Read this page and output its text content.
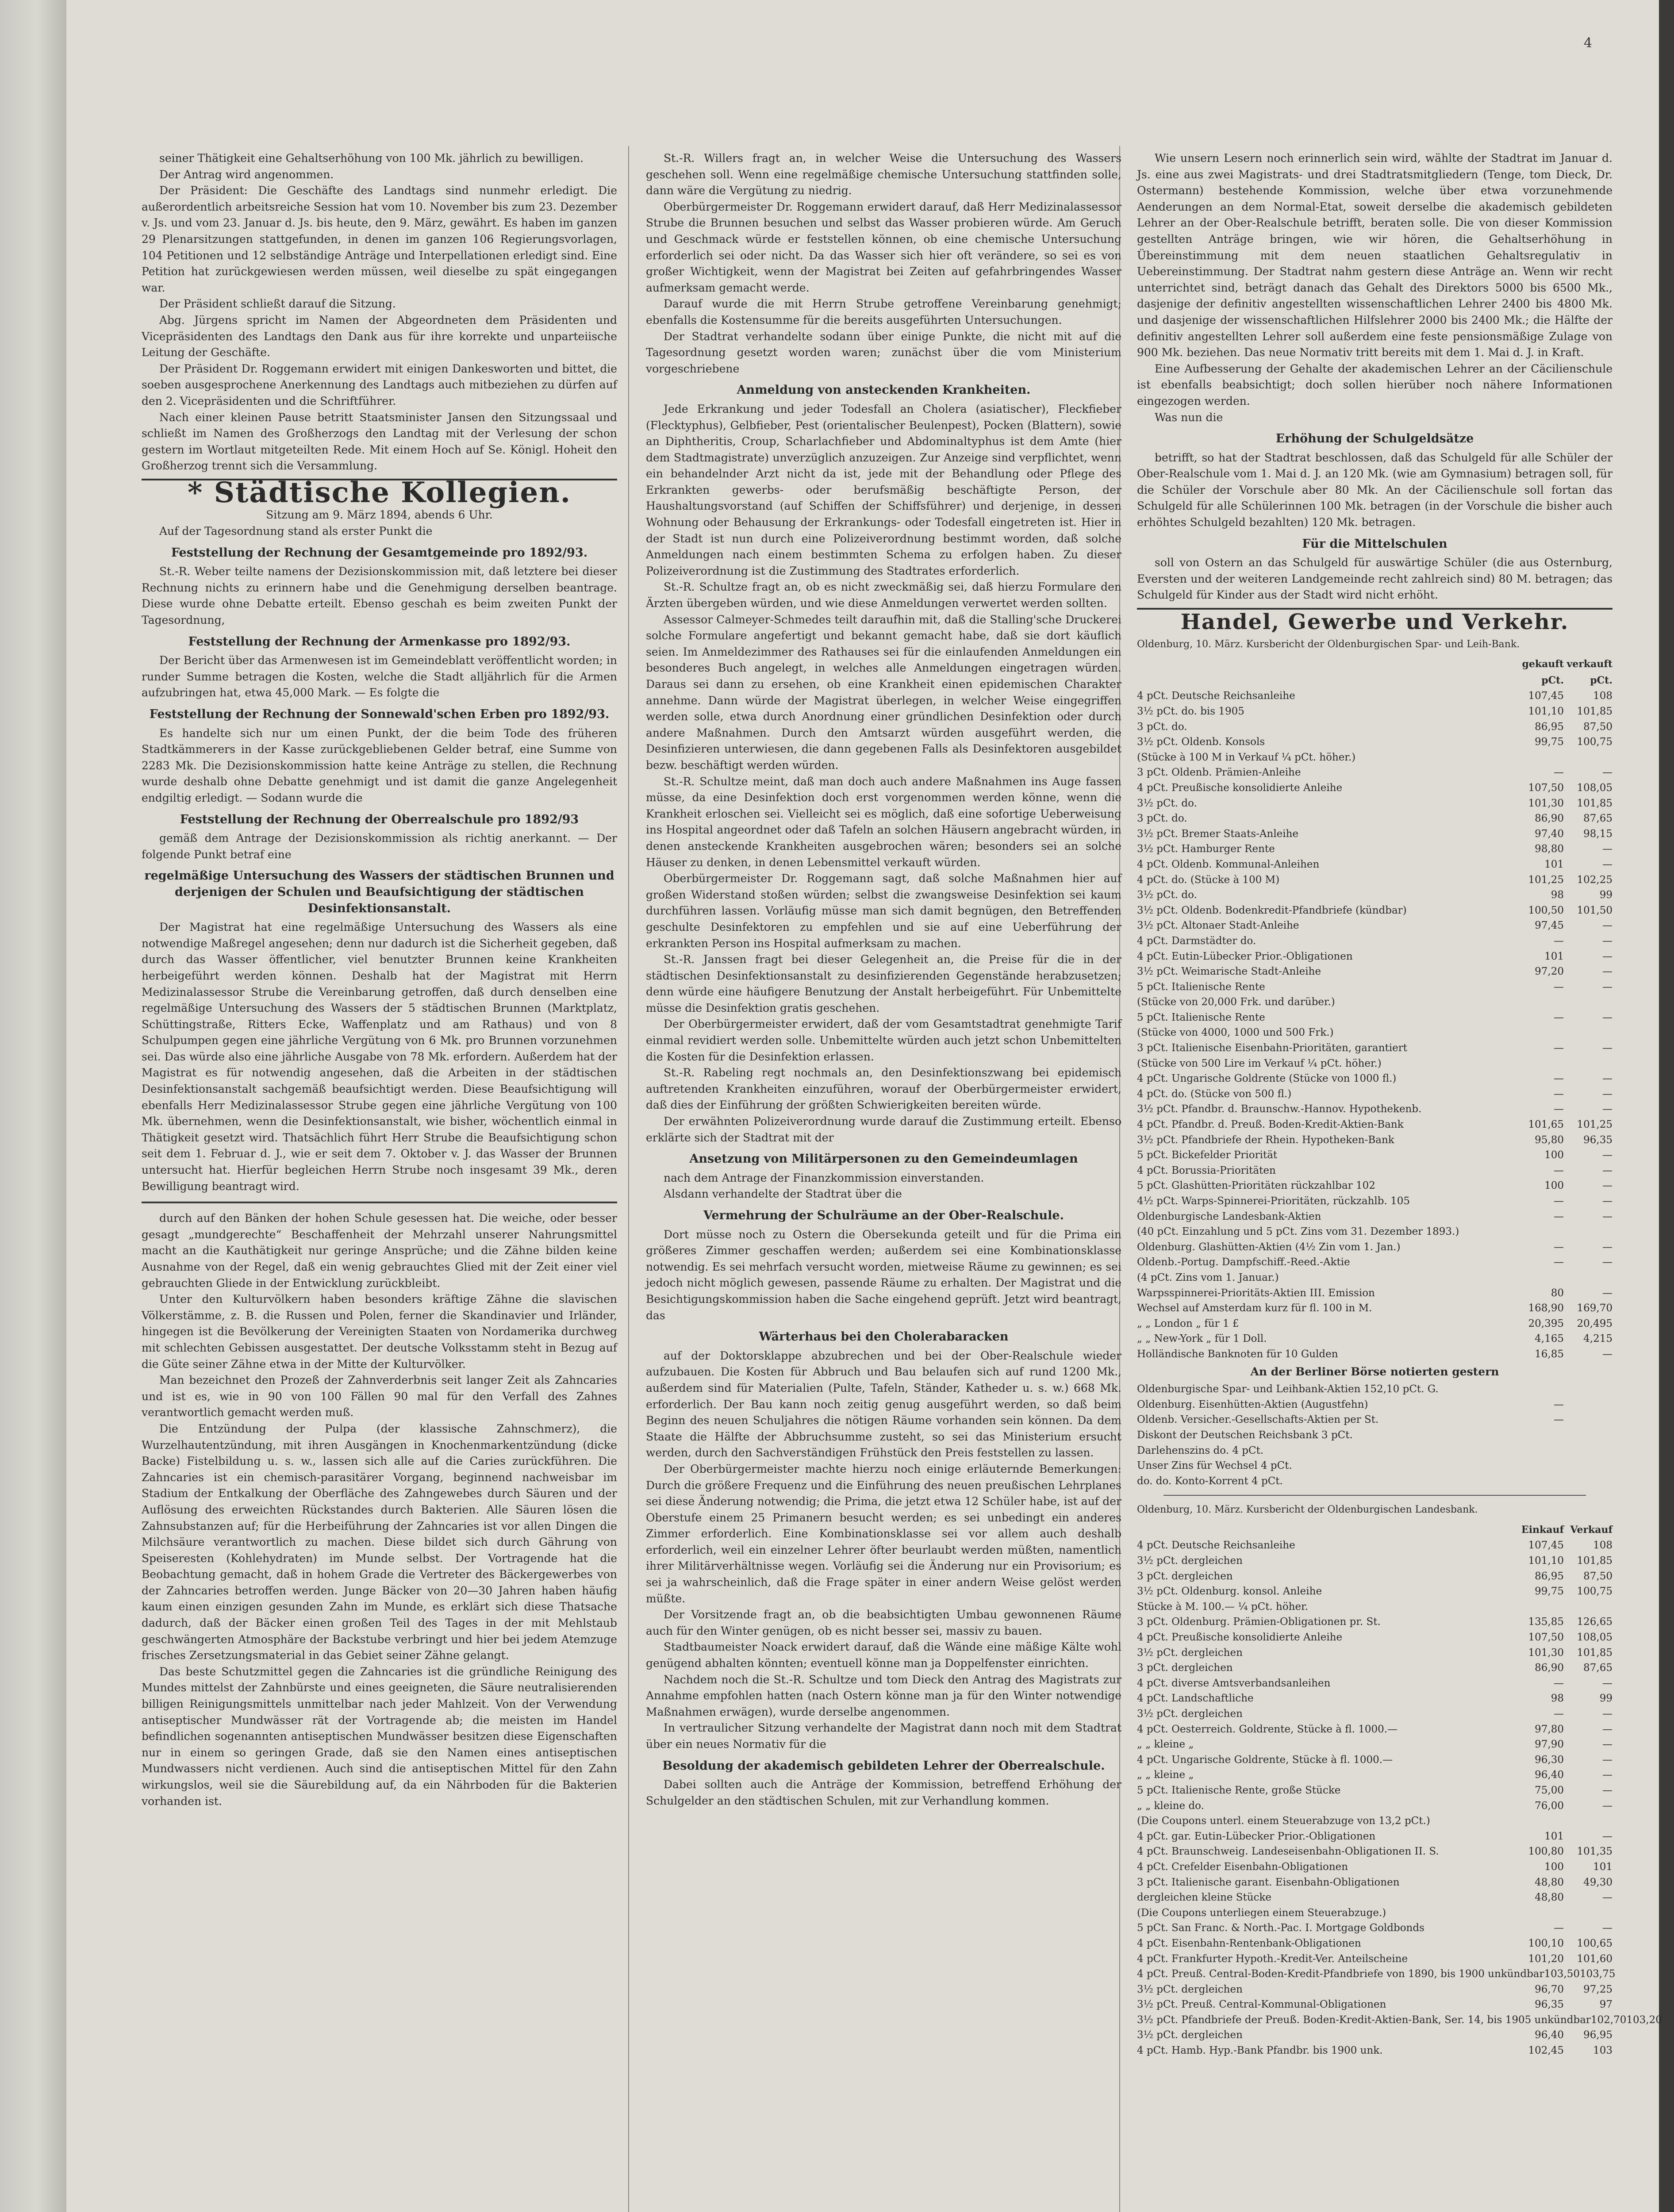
4

seiner Thätigkeit eine Gehaltserhöhung von 100 Mk. jährlich zu bewilligen.

Der Antrag wird angenommen.

Der Präsident: Die Geschäfte des Landtags sind nunmehr erledigt. Die außerordentlich arbeitsreiche Session hat vom 10. November bis zum 23. Dezember v. Js. und vom 23. Januar d. Js. bis heute, den 9. März, gewährt. Es haben im ganzen 29 Plenarsitzungen stattgefunden, in denen im ganzen 106 Regierungsvorlagen, 104 Petitionen und 12 selbständige Anträge und Interpellationen erledigt sind. Eine Petition hat zurückgewiesen werden müssen, weil dieselbe zu spät eingegangen war.

Der Präsident schließt darauf die Sitzung.

Abg. Jürgens spricht im Namen der Abgeordneten dem Präsidenten und Vicepräsidenten des Landtags den Dank aus für ihre korrekte und unparteiische Leitung der Geschäfte.

Der Präsident Dr. Roggemann erwidert mit einigen Dankesworten und bittet, die soeben ausgesprochene Anerkennung des Landtags auch mitbeziehen zu dürfen auf den 2. Vicepräsidenten und die Schriftführer.

Nach einer kleinen Pause betritt Staatsminister Jansen den Sitzungssaal und schließt im Namen des Großherzogs den Landtag mit der Verlesung der schon gestern im Wortlaut mitgeteilten Rede. Mit einem Hoch auf Se. Königl. Hoheit den Großherzog trennt sich die Versammlung.

* Städtische Kollegien.

Sitzung am 9. März 1894, abends 6 Uhr.

Auf der Tagesordnung stand als erster Punkt die

Feststellung der Rechnung der Gesamtgemeinde pro 1892/93.

St.-R. Weber teilte namens der Dezisionskommission mit, daß letztere bei dieser Rechnung nichts zu erinnern habe und die Genehmigung derselben beantrage. Diese wurde ohne Debatte erteilt. Ebenso geschah es beim zweiten Punkt der Tagesordnung,

Feststellung der Rechnung der Armenkasse pro 1892/93.

Der Bericht über das Armenwesen ist im Gemeindeblatt veröffentlicht worden; in runder Summe betragen die Kosten, welche die Stadt alljährlich für die Armen aufzubringen hat, etwa 45,000 Mark. — Es folgte die

Feststellung der Rechnung der Sonnewald'schen Erben pro 1892/93.

Es handelte sich nur um einen Punkt, der die beim Tode des früheren Stadtkämmerers in der Kasse zurückgebliebenen Gelder betraf, eine Summe von 2283 Mk. Die Dezisionskommission hatte keine Anträge zu stellen, die Rechnung wurde deshalb ohne Debatte genehmigt und ist damit die ganze Angelegenheit endgiltig erledigt. — Sodann wurde die

Feststellung der Rechnung der Oberrealschule pro 1892/93

gemäß dem Antrage der Dezisionskommission als richtig anerkannt. — Der folgende Punkt betraf eine

regelmäßige Untersuchung des Wassers der städtischen Brunnen und derjenigen der Schulen und Beaufsichtigung der städtischen Desinfektionsanstalt.

Der Magistrat hat eine regelmäßige Untersuchung des Wassers als eine notwendige Maßregel angesehen; denn nur dadurch ist die Sicherheit gegeben, daß durch das Wasser öffentlicher, viel benutzter Brunnen keine Krankheiten herbeigeführt werden können. Deshalb hat der Magistrat mit Herrn Medizinalassessor Strube die Vereinbarung getroffen, daß durch denselben eine regelmäßige Untersuchung des Wassers der 5 städtischen Brunnen (Marktplatz, Schüttingstraße, Ritters Ecke, Waffenplatz und am Rathaus) und von 8 Schulpumpen gegen eine jährliche Vergütung von 6 Mk. pro Brunnen vorzunehmen sei. Das würde also eine jährliche Ausgabe von 78 Mk. erfordern. Außerdem hat der Magistrat es für notwendig angesehen, daß die Arbeiten in der städtischen Desinfektionsanstalt sachgemäß beaufsichtigt werden. Diese Beaufsichtigung will ebenfalls Herr Medizinalassessor Strube gegen eine jährliche Vergütung von 100 Mk. übernehmen, wenn die Desinfektionsanstalt, wie bisher, wöchentlich einmal in Thätigkeit gesetzt wird. Thatsächlich führt Herr Strube die Beaufsichtigung schon seit dem 1. Februar d. J., wie er seit dem 7. Oktober v. J. das Wasser der Brunnen untersucht hat. Hierfür begleichen Herrn Strube noch insgesamt 39 Mk., deren Bewilligung beantragt wird.

durch auf den Bänken der hohen Schule gesessen hat. Die weiche, oder besser gesagt „mundgerechte“ Beschaffenheit der Mehrzahl unserer Nahrungsmittel macht an die Kauthätigkeit nur geringe Ansprüche; und die Zähne bilden keine Ausnahme von der Regel, daß ein wenig gebrauchtes Glied mit der Zeit einer viel gebrauchten Gliede in der Entwicklung zurückbleibt.

Unter den Kulturvölkern haben besonders kräftige Zähne die slavischen Völkerstämme, z. B. die Russen und Polen, ferner die Skandinavier und Irländer, hingegen ist die Bevölkerung der Vereinigten Staaten von Nordamerika durchweg mit schlechten Gebissen ausgestattet. Der deutsche Volksstamm steht in Bezug auf die Güte seiner Zähne etwa in der Mitte der Kulturvölker.

Man bezeichnet den Prozeß der Zahnverderbnis seit langer Zeit als Zahncaries und ist es, wie in 90 von 100 Fällen 90 mal für den Verfall des Zahnes verantwortlich gemacht werden muß.

Die Entzündung der Pulpa (der klassische Zahnschmerz), die Wurzelhautentzündung, mit ihren Ausgängen in Knochenmarkentzündung (dicke Backe) Fistelbildung u. s. w., lassen sich alle auf die Caries zurückführen. Die Zahncaries ist ein chemisch-parasitärer Vorgang, beginnend nachweisbar im Stadium der Entkalkung der Oberfläche des Zahngewebes durch Säuren und der Auflösung des erweichten Rückstandes durch Bakterien. Alle Säuren lösen die Zahnsubstanzen auf; für die Herbeiführung der Zahncaries ist vor allen Dingen die Milchsäure verantwortlich zu machen. Diese bildet sich durch Gährung von Speiseresten (Kohlehydraten) im Munde selbst. Der Vortragende hat die Beobachtung gemacht, daß in hohem Grade die Vertreter des Bäckergewerbes von der Zahncaries betroffen werden. Junge Bäcker von 20—30 Jahren haben häufig kaum einen einzigen gesunden Zahn im Munde, es erklärt sich diese Thatsache dadurch, daß der Bäcker einen großen Teil des Tages in der mit Mehlstaub geschwängerten Atmosphäre der Backstube verbringt und hier bei jedem Atemzuge frisches Zersetzungsmaterial in das Gebiet seiner Zähne gelangt.

Das beste Schutzmittel gegen die Zahncaries ist die gründliche Reinigung des Mundes mittelst der Zahnbürste und eines geeigneten, die Säure neutralisierenden billigen Reinigungsmittels unmittelbar nach jeder Mahlzeit. Von der Verwendung antiseptischer Mundwässer rät der Vortragende ab; die meisten im Handel befindlichen sogenannten antiseptischen Mundwässer besitzen diese Eigenschaften nur in einem so geringen Grade, daß sie den Namen eines antiseptischen Mundwassers nicht verdienen. Auch sind die antiseptischen Mittel für den Zahn wirkungslos, weil sie die Säurebildung auf, da ein Nährboden für die Bakterien vorhanden ist.

St.-R. Willers fragt an, in welcher Weise die Untersuchung des Wassers geschehen soll. Wenn eine regelmäßige chemische Untersuchung stattfinden solle, dann wäre die Vergütung zu niedrig.

Oberbürgermeister Dr. Roggemann erwidert darauf, daß Herr Medizinalassessor Strube die Brunnen besuchen und selbst das Wasser probieren würde. Am Geruch und Geschmack würde er feststellen können, ob eine chemische Untersuchung erforderlich sei oder nicht. Da das Wasser sich hier oft verändere, so sei es von großer Wichtigkeit, wenn der Magistrat bei Zeiten auf gefahrbringendes Wasser aufmerksam gemacht werde.

Darauf wurde die mit Herrn Strube getroffene Vereinbarung genehmigt; ebenfalls die Kostensumme für die bereits ausgeführten Untersuchungen.

Der Stadtrat verhandelte sodann über einige Punkte, die nicht mit auf die Tagesordnung gesetzt worden waren; zunächst über die vom Ministerium vorgeschriebene

Anmeldung von ansteckenden Krankheiten.

Jede Erkrankung und jeder Todesfall an Cholera (asiatischer), Fleckfieber (Flecktyphus), Gelbfieber, Pest (orientalischer Beulenpest), Pocken (Blattern), sowie an Diphtheritis, Croup, Scharlachfieber und Abdominaltyphus ist dem Amte (hier dem Stadtmagistrate) unverzüglich anzuzeigen. Zur Anzeige sind verpflichtet, wenn ein behandelnder Arzt nicht da ist, jede mit der Behandlung oder Pflege des Erkrankten gewerbs- oder berufsmäßig beschäftigte Person, der Haushaltungsvorstand (auf Schiffen der Schiffsführer) und derjenige, in dessen Wohnung oder Behausung der Erkrankungs- oder Todesfall eingetreten ist. Hier in der Stadt ist nun durch eine Polizeiverordnung bestimmt worden, daß solche Anmeldungen nach einem bestimmten Schema zu erfolgen haben. Zu dieser Polizeiverordnung ist die Zustimmung des Stadtrates erforderlich.

St.-R. Schultze fragt an, ob es nicht zweckmäßig sei, daß hierzu Formulare den Ärzten übergeben würden, und wie diese Anmeldungen verwertet werden sollten.

Assessor Calmeyer-Schmedes teilt daraufhin mit, daß die Stalling'sche Druckerei solche Formulare angefertigt und bekannt gemacht habe, daß sie dort käuflich seien. Im Anmeldezimmer des Rathauses sei für die einlaufenden Anmeldungen ein besonderes Buch angelegt, in welches alle Anmeldungen eingetragen würden. Daraus sei dann zu ersehen, ob eine Krankheit einen epidemischen Charakter annehme. Dann würde der Magistrat überlegen, in welcher Weise eingegriffen werden solle, etwa durch Anordnung einer gründlichen Desinfektion oder durch andere Maßnahmen. Durch den Amtsarzt würden ausgeführt werden, die Desinfizieren unterwiesen, die dann gegebenen Falls als Desinfektoren ausgebildet bezw. beschäftigt werden würden.

St.-R. Schultze meint, daß man doch auch andere Maßnahmen ins Auge fassen müsse, da eine Desinfektion doch erst vorgenommen werden könne, wenn die Krankheit erloschen sei. Vielleicht sei es möglich, daß eine sofortige Ueberweisung ins Hospital angeordnet oder daß Tafeln an solchen Häusern angebracht würden, in denen ansteckende Krankheiten ausgebrochen wären; besonders sei an solche Häuser zu denken, in denen Lebensmittel verkauft würden.

Oberbürgermeister Dr. Roggemann sagt, daß solche Maßnahmen hier auf großen Widerstand stoßen würden; selbst die zwangsweise Desinfektion sei kaum durchführen lassen. Vorläufig müsse man sich damit begnügen, den Betreffenden geschulte Desinfektoren zu empfehlen und sie auf eine Ueberführung der erkrankten Person ins Hospital aufmerksam zu machen.

St.-R. Janssen fragt bei dieser Gelegenheit an, die Preise für die in der städtischen Desinfektionsanstalt zu desinfizierenden Gegenstände herabzusetzen; denn würde eine häufigere Benutzung der Anstalt herbeigeführt. Für Unbemittelte müsse die Desinfektion gratis geschehen.

Der Oberbürgermeister erwidert, daß der vom Gesamtstadtrat genehmigte Tarif einmal revidiert werden solle. Unbemittelte würden auch jetzt schon Unbemittelten die Kosten für die Desinfektion erlassen.

St.-R. Rabeling regt nochmals an, den Desinfektionszwang bei epidemisch auftretenden Krankheiten einzuführen, worauf der Oberbürgermeister erwidert, daß dies der Einführung der größten Schwierigkeiten bereiten würde.

Der erwähnten Polizeiverordnung wurde darauf die Zustimmung erteilt. Ebenso erklärte sich der Stadtrat mit der

Ansetzung von Militärpersonen zu den Gemeindeumlagen

nach dem Antrage der Finanzkommission einverstanden.

Alsdann verhandelte der Stadtrat über die

Vermehrung der Schulräume an der Ober-Realschule.

Dort müsse noch zu Ostern die Obersekunda geteilt und für die Prima ein größeres Zimmer geschaffen werden; außerdem sei eine Kombinationsklasse notwendig. Es sei mehrfach versucht worden, mietweise Räume zu gewinnen; es sei jedoch nicht möglich gewesen, passende Räume zu erhalten. Der Magistrat und die Besichtigungskommission haben die Sache eingehend geprüft. Jetzt wird beantragt, das

Wärterhaus bei den Cholerabaracken

auf der Doktorsklappe abzubrechen und bei der Ober-Realschule wieder aufzubauen. Die Kosten für Abbruch und Bau belaufen sich auf rund 1200 Mk., außerdem sind für Materialien (Pulte, Tafeln, Ständer, Katheder u. s. w.) 668 Mk. erforderlich. Der Bau kann noch zeitig genug ausgeführt werden, so daß beim Beginn des neuen Schuljahres die nötigen Räume vorhanden sein können. Da dem Staate die Hälfte der Abbruchsumme zusteht, so sei das Ministerium ersucht werden, durch den Sachverständigen Frühstück den Preis feststellen zu lassen.

Der Oberbürgermeister machte hierzu noch einige erläuternde Bemerkungen: Durch die größere Frequenz und die Einführung des neuen preußischen Lehrplanes sei diese Änderung notwendig; die Prima, die jetzt etwa 12 Schüler habe, ist auf der Oberstufe einem 25 Primanern besucht werden; es sei unbedingt ein anderes Zimmer erforderlich. Eine Kombinationsklasse sei vor allem auch deshalb erforderlich, weil ein einzelner Lehrer öfter beurlaubt werden müßten, namentlich ihrer Militärverhältnisse wegen. Vorläufig sei die Änderung nur ein Provisorium; es sei ja wahrscheinlich, daß die Frage später in einer andern Weise gelöst werden müßte.

Der Vorsitzende fragt an, ob die beabsichtigten Umbau gewonnenen Räume auch für den Winter genügen, ob es nicht besser sei, massiv zu bauen.

Stadtbaumeister Noack erwidert darauf, daß die Wände eine mäßige Kälte wohl genügend abhalten könnten; eventuell könne man ja Doppelfenster einrichten.

Nachdem noch die St.-R. Schultze und tom Dieck den Antrag des Magistrats zur Annahme empfohlen hatten (nach Ostern könne man ja für den Winter notwendige Maßnahmen erwägen), wurde derselbe angenommen.

In vertraulicher Sitzung verhandelte der Magistrat dann noch mit dem Stadtrat über ein neues Normativ für die

Besoldung der akademisch gebildeten Lehrer der Oberrealschule.

Dabei sollten auch die Anträge der Kommission, betreffend Erhöhung der Schulgelder an den städtischen Schulen, mit zur Verhandlung kommen.

Wie unsern Lesern noch erinnerlich sein wird, wählte der Stadtrat im Januar d. Js. eine aus zwei Magistrats- und drei Stadtratsmitgliedern (Tenge, tom Dieck, Dr. Ostermann) bestehende Kommission, welche über etwa vorzunehmende Aenderungen an dem Normal-Etat, soweit derselbe die akademisch gebildeten Lehrer an der Ober-Realschule betrifft, beraten solle. Die von dieser Kommission gestellten Anträge bringen, wie wir hören, die Gehaltserhöhung in Übereinstimmung mit dem neuen staatlichen Gehaltsregulativ in Uebereinstimmung. Der Stadtrat nahm gestern diese Anträge an. Wenn wir recht unterrichtet sind, beträgt danach das Gehalt des Direktors 5000 bis 6500 Mk., dasjenige der definitiv angestellten wissenschaftlichen Lehrer 2400 bis 4800 Mk. und dasjenige der wissenschaftlichen Hilfslehrer 2000 bis 2400 Mk.; die Hälfte der definitiv angestellten Lehrer soll außerdem eine feste pensionsmäßige Zulage von 900 Mk. beziehen. Das neue Normativ tritt bereits mit dem 1. Mai d. J. in Kraft.

Eine Aufbesserung der Gehalte der akademischen Lehrer an der Cäcilienschule ist ebenfalls beabsichtigt; doch sollen hierüber noch nähere Informationen eingezogen werden.

Was nun die

Erhöhung der Schulgeldsätze

betrifft, so hat der Stadtrat beschlossen, daß das Schulgeld für alle Schüler der Ober-Realschule vom 1. Mai d. J. an 120 Mk. (wie am Gymnasium) betragen soll, für die Schüler der Vorschule aber 80 Mk. An der Cäcilienschule soll fortan das Schulgeld für alle Schülerinnen 100 Mk. betragen (in der Vorschule die bisher auch erhöhtes Schulgeld bezahlten) 120 Mk. betragen.

Für die Mittelschulen

soll von Ostern an das Schulgeld für auswärtige Schüler (die aus Osternburg, Eversten und der weiteren Landgemeinde recht zahlreich sind) 80 M. betragen; das Schulgeld für Kinder aus der Stadt wird nicht erhöht.

Handel, Gewerbe und Verkehr.

Oldenburg, 10. März. Kursbericht der Oldenburgischen Spar- und Leih-Bank.

gekauft verkauft
pCt.	pCt.
4 pCt. Deutsche Reichsanleihe	107,45	108
3½ pCt. do. bis 1905	101,10	101,85
3 pCt. do.	86,95	87,50
3½ pCt. Oldenb. Konsols	99,75	100,75
(Stücke à 100 M in Verkauf ¼ pCt. höher.)
3 pCt. Oldenb. Prämien-Anleihe	—	—
4 pCt. Preußische konsolidierte Anleihe	107,50	108,05
3½ pCt. do.	101,30	101,85
3 pCt. do.	86,90	87,65
3½ pCt. Bremer Staats-Anleihe	97,40	98,15
3½ pCt. Hamburger Rente	98,80	—
4 pCt. Oldenb. Kommunal-Anleihen	101	—
4 pCt. do. (Stücke à 100 M)	101,25	102,25
3½ pCt. do.	98	99
3½ pCt. Oldenb. Bodenkredit-Pfandbriefe (kündbar)	100,50	101,50
3½ pCt. Altonaer Stadt-Anleihe	97,45	—
4 pCt. Darmstädter do.	—	—
4 pCt. Eutin-Lübecker Prior.-Obligationen	101	—
3½ pCt. Weimarische Stadt-Anleihe	97,20	—
5 pCt. Italienische Rente	—	—
(Stücke von 20,000 Frk. und darüber.)
5 pCt. Italienische Rente	—	—
(Stücke von 4000, 1000 und 500 Frk.)
3 pCt. Italienische Eisenbahn-Prioritäten, garantiert	—	—
(Stücke von 500 Lire im Verkauf ¼ pCt. höher.)
4 pCt. Ungarische Goldrente (Stücke von 1000 fl.)	—	—
4 pCt. do. (Stücke von 500 fl.)	—	—
3½ pCt. Pfandbr. d. Braunschw.-Hannov. Hypothekenb.	—	—
4 pCt. Pfandbr. d. Preuß. Boden-Kredit-Aktien-Bank	101,65	101,25
3½ pCt. Pfandbriefe der Rhein. Hypotheken-Bank	95,80	96,35
5 pCt. Bickefelder Priorität	100	—
4 pCt. Borussia-Prioritäten	—	—
5 pCt. Glashütten-Prioritäten rückzahlbar 102	100	—
4½ pCt. Warps-Spinnerei-Prioritäten, rückzahlb. 105	—	—
Oldenburgische Landesbank-Aktien	—	—
(40 pCt. Einzahlung und 5 pCt. Zins vom 31. Dezember 1893.)
Oldenburg. Glashütten-Aktien (4½ Zin vom 1. Jan.)	—	—
Oldenb.-Portug. Dampfschiff.-Reed.-Aktie	—	—
(4 pCt. Zins vom 1. Januar.)
Warpsspinnerei-Prioritäts-Aktien III. Emission	80	—
Wechsel auf Amsterdam kurz für fl. 100 in M.	168,90	169,70
„ „ London „ für 1 £	20,395	20,495
„ „ New-York „ für 1 Doll.	4,165	4,215
Holländische Banknoten für 10 Gulden	16,85	—

An der Berliner Börse notierten gestern

Oldenburgische Spar- und Leihbank-Aktien 152,10 pCt. G.
Oldenburg. Eisenhütten-Aktien (Augustfehn)	—
Oldenb. Versicher.-Gesellschafts-Aktien per St.	—
Diskont der Deutschen Reichsbank 3 pCt.
Darlehenszins do. 4 pCt.
Unser Zins für Wechsel 4 pCt.
do. do. Konto-Korrent 4 pCt.

Oldenburg, 10. März. Kursbericht der Oldenburgischen Landesbank.

Einkauf Verkauf
4 pCt. Deutsche Reichsanleihe	107,45	108
3½ pCt. dergleichen	101,10	101,85
3 pCt. dergleichen	86,95	87,50
3½ pCt. Oldenburg. konsol. Anleihe	99,75	100,75
Stücke à M. 100.— ¼ pCt. höher.
3 pCt. Oldenburg. Prämien-Obligationen pr. St.	135,85	126,65
4 pCt. Preußische konsolidierte Anleihe	107,50	108,05
3½ pCt. dergleichen	101,30	101,85
3 pCt. dergleichen	86,90	87,65
4 pCt. diverse Amtsverbandsanleihen	—	—
4 pCt. Landschaftliche	98	99
3½ pCt. dergleichen	—	—
4 pCt. Oesterreich. Goldrente, Stücke à fl. 1000.—	97,80	—
„ „ kleine „	97,90	—
4 pCt. Ungarische Goldrente, Stücke à fl. 1000.—	96,30	—
„ „ kleine „	96,40	—
5 pCt. Italienische Rente, große Stücke	75,00	—
„ „ kleine do.	76,00	—
(Die Coupons unterl. einem Steuerabzuge von 13,2 pCt.)
4 pCt. gar. Eutin-Lübecker Prior.-Obligationen	101	—
4 pCt. Braunschweig. Landeseisenbahn-Obligationen II. S.	100,80	101,35
4 pCt. Crefelder Eisenbahn-Obligationen	100	101
3 pCt. Italienische garant. Eisenbahn-Obligationen	48,80	49,30
dergleichen kleine Stücke	48,80	—
(Die Coupons unterliegen einem Steuerabzuge.)
5 pCt. San Franc. & North.-Pac. I. Mortgage Goldbonds	—	—
4 pCt. Eisenbahn-Rentenbank-Obligationen	100,10	100,65
4 pCt. Frankfurter Hypoth.-Kredit-Ver. Anteilscheine	101,20	101,60
4 pCt. Preuß. Central-Boden-Kredit-Pfandbriefe von 1890, bis 1900 unkündbar 103,50 103,75
3½ pCt. dergleichen	96,70	97,25
3½ pCt. Preuß. Central-Kommunal-Obligationen	96,35	97
3½ pCt. Pfandbriefe der Preuß. Boden-Kredit-Aktien-Bank, Ser. 14, bis 1905 unkündbar 102,70 103,20
3½ pCt. dergleichen	96,40	96,95
4 pCt. Hamb. Hyp.-Bank Pfandbr. bis 1900 unk.	102,45	103
